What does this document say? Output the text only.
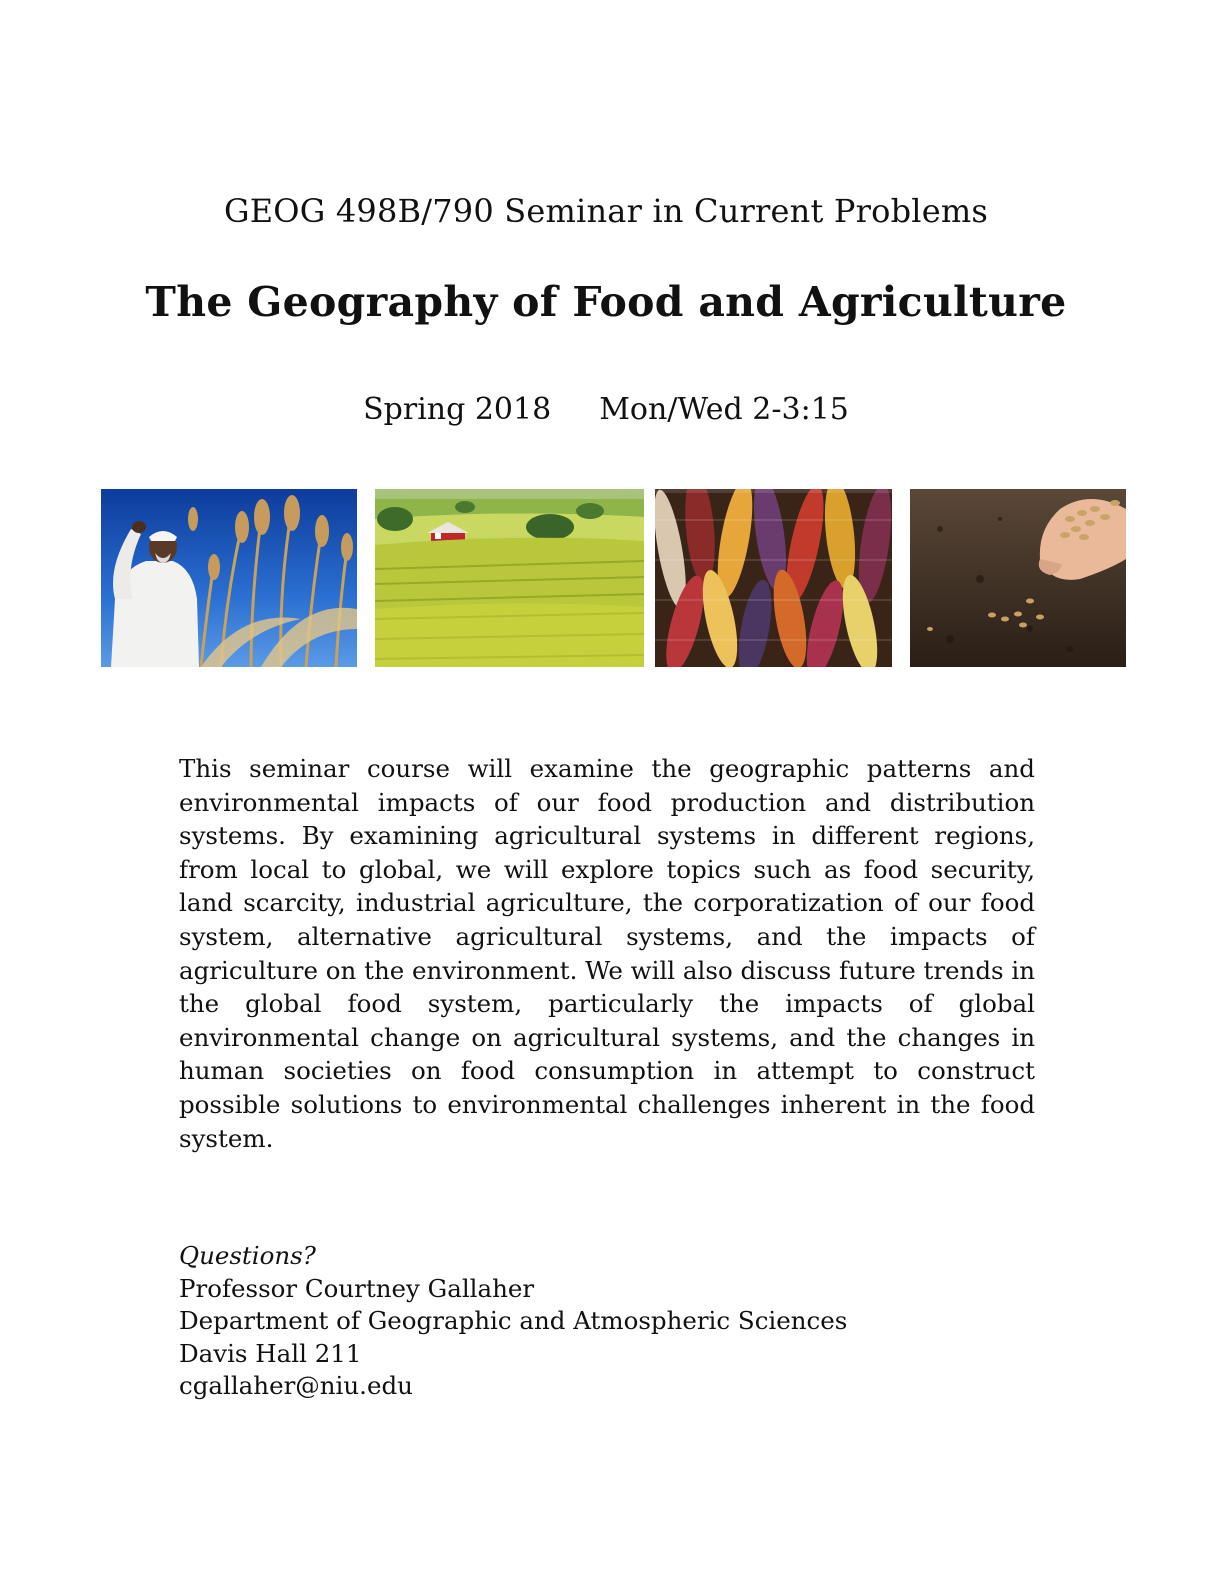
GEOG 498B/790 Seminar in Current Problems
The Geography of Food and Agriculture
Spring 2018 Mon/Wed 2-3:15

This seminar course will examine the geographic patterns and environmental impacts of our food production and distribution systems. By examining agricultural systems in different regions, from local to global, we will explore topics such as food security, land scarcity, industrial agriculture, the corporatization of our food system, alternative agricultural systems, and the impacts of agriculture on the environment. We will also discuss future trends in the global food system, particularly the impacts of global environmental change on agricultural systems, and the changes in human societies on food consumption in attempt to construct possible solutions to environmental challenges inherent in the food system.

Questions?
Professor Courtney Gallaher
Department of Geographic and Atmospheric Sciences
Davis Hall 211
cgallaher@niu.edu
